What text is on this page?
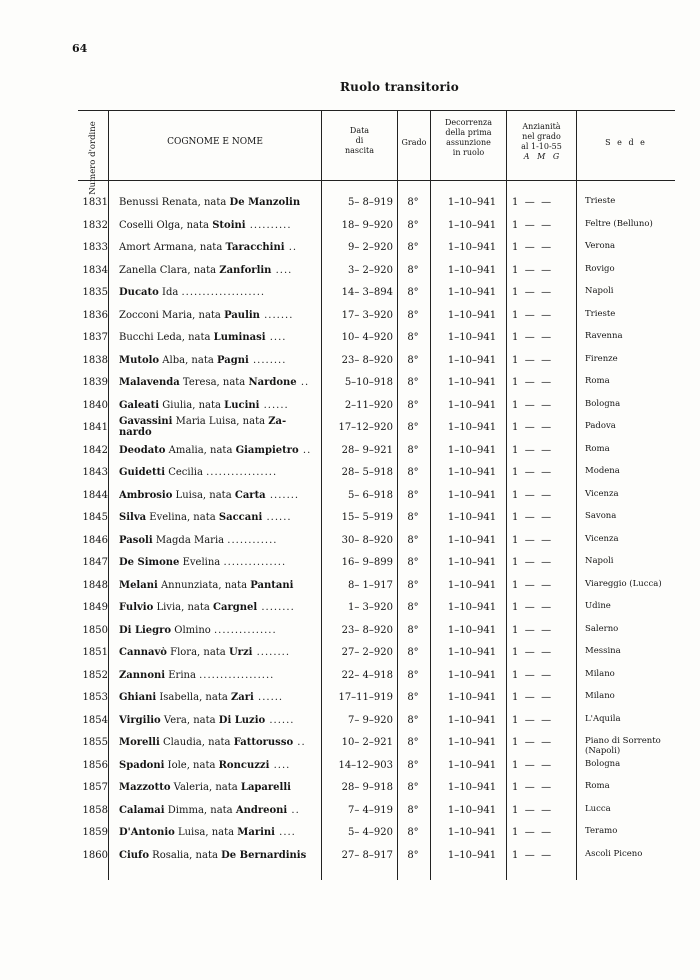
64
Ruolo transitorio
Numero d'ordine	COGNOME E NOME
Data
di
nascita
Grado
Decorrenza
della prima
assunzione
in ruolo
Anzianità
nel grado
al 1-10-55
A   M   G
S e d e
1831 Benussi Renata, nata De Manzolin	5– 8–919	8°	1–10–941	1  —  —	Trieste
1832 Coselli Olga, nata Stoini ..........	18– 9–920	8°	1–10–941	1  —  —	Feltre (Belluno)
1833 Amort Armana, nata Taracchini ..	9– 2–920	8°	1–10–941	1  —  —	Verona
1834 Zanella Clara, nata Zanforlin ....	3– 2–920	8°	1–10–941	1  —  —	Rovigo
1835 Ducato Ida ....................	14– 3–894	8°	1–10–941	1  —  —	Napoli
1836 Zocconi Maria, nata Paulin .......	17– 3–920	8°	1–10–941	1  —  —	Trieste
1837 Bucchi Leda, nata Luminasi ....	10– 4–920	8°	1–10–941	1  —  —	Ravenna
1838 Mutolo Alba, nata Pagni ........	23– 8–920	8°	1–10–941	1  —  —	Firenze
1839 Malavenda Teresa, nata Nardone ..	5–10–918	8°	1–10–941	1  —  —	Roma
1840 Galeati Giulia, nata Lucini ......	2–11–920	8°	1–10–941	1  —  —	Bologna
1841
Gavassini Maria Luisa, nata Za-
nardo	17–12–920	8°	1–10–941	1  —  —	Padova
1842 Deodato Amalia, nata Giampietro ..	28– 9–921	8°	1–10–941	1  —  —	Roma
1843 Guidetti Cecilia .................	28– 5–918	8°	1–10–941	1  —  —	Modena
1844 Ambrosio Luisa, nata Carta .......	5– 6–918	8°	1–10–941	1  —  —	Vicenza
1845 Silva Evelina, nata Saccani ......	15– 5–919	8°	1–10–941	1  —  —	Savona
1846 Pasoli Magda Maria ............	30– 8–920	8°	1–10–941	1  —  —	Vicenza
1847 De Simone Evelina ...............	16– 9–899	8°	1–10–941	1  —  —	Napoli
1848 Melani Annunziata, nata Pantani	8– 1–917	8°	1–10–941	1  —  —	Viareggio (Lucca)
1849 Fulvio Livia, nata Cargnel ........	1– 3–920	8°	1–10–941	1  —  —	Udine
1850 Di Liegro Olmino ...............	23– 8–920	8°	1–10–941	1  —  —	Salerno
1851 Cannavò Flora, nata Urzi ........	27– 2–920	8°	1–10–941	1  —  —	Messina
1852 Zannoni Erina ..................	22– 4–918	8°	1–10–941	1  —  —	Milano
1853 Ghiani Isabella, nata Zari ......	17–11–919	8°	1–10–941	1  —  —	Milano
1854 Virgilio Vera, nata Di Luzio ......	7– 9–920	8°	1–10–941	1  —  —	L'Aquila
1855 Morelli Claudia, nata Fattorusso ..	10– 2–921	8°	1–10–941	1  —  —	Piano di Sorrento (Napoli)
1856 Spadoni Iole, nata Roncuzzi ....	14–12–903	8°	1–10–941	1  —  —	Bologna
1857 Mazzotto Valeria, nata Laparelli	28– 9–918	8°	1–10–941	1  —  —	Roma
1858 Calamai Dimma, nata Andreoni ..	7– 4–919	8°	1–10–941	1  —  —	Lucca
1859 D'Antonio Luisa, nata Marini ....	5– 4–920	8°	1–10–941	1  —  —	Teramo
1860 Ciufo Rosalia, nata De Bernardinis	27– 8–917	8°	1–10–941	1  —  —	Ascoli Piceno
